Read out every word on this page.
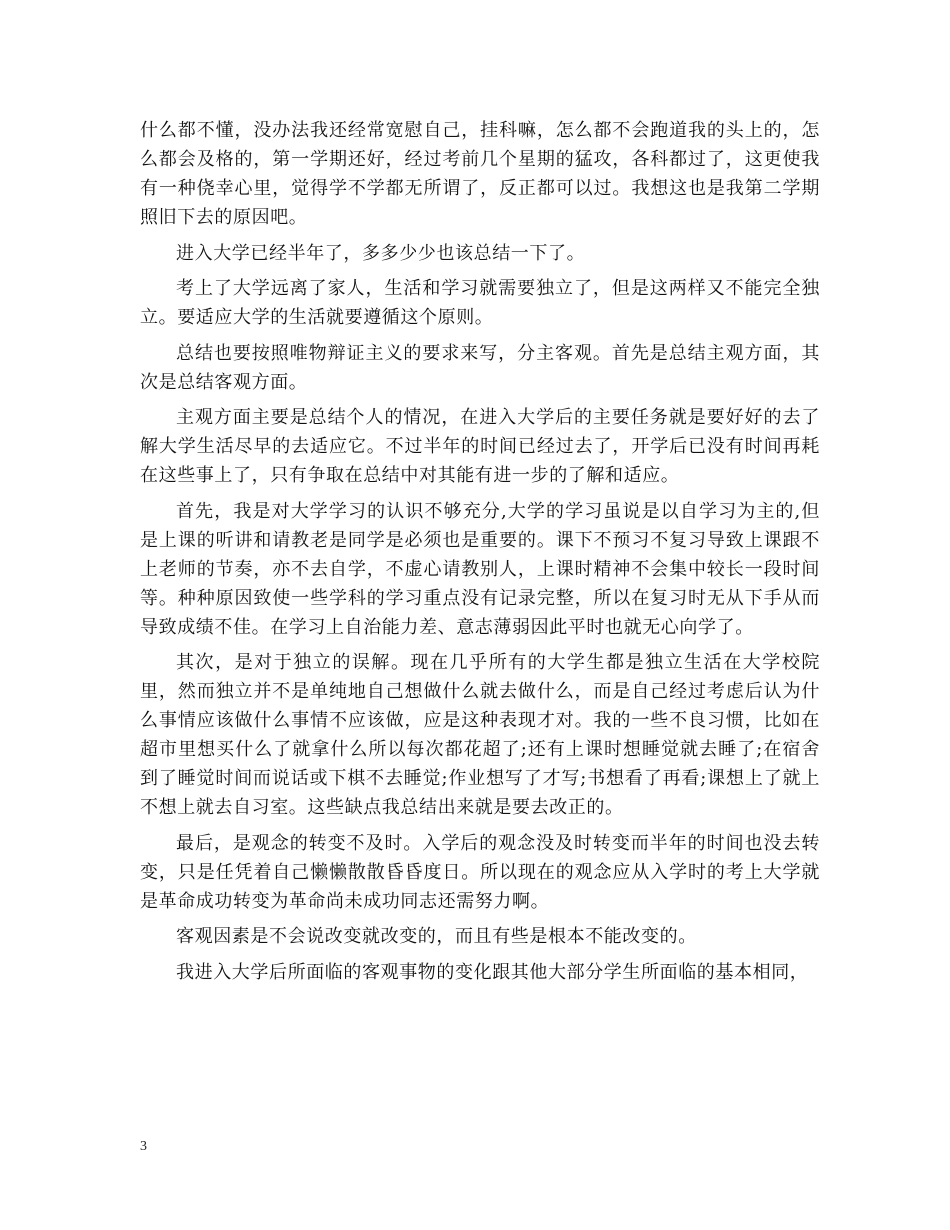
什么都不懂，没办法我还经常宽慰自己，挂科嘛，怎么都不会跑道我的头上的，怎么都会及格的，第一学期还好，经过考前几个星期的猛攻，各科都过了，这更使我有一种侥幸心里，觉得学不学都无所谓了，反正都可以过。我想这也是我第二学期照旧下去的原因吧。

进入大学已经半年了，多多少少也该总结一下了。

考上了大学远离了家人，生活和学习就需要独立了，但是这两样又不能完全独立。要适应大学的生活就要遵循这个原则。

总结也要按照唯物辩证主义的要求来写，分主客观。首先是总结主观方面，其次是总结客观方面。

主观方面主要是总结个人的情况，在进入大学后的主要任务就是要好好的去了解大学生活尽早的去适应它。不过半年的时间已经过去了，开学后已没有时间再耗在这些事上了，只有争取在总结中对其能有进一步的了解和适应。

首先，我是对大学学习的认识不够充分,大学的学习虽说是以自学习为主的,但是上课的听讲和请教老是同学是必须也是重要的。课下不预习不复习导致上课跟不上老师的节奏，亦不去自学，不虚心请教别人，上课时精神不会集中较长一段时间等。种种原因致使一些学科的学习重点没有记录完整，所以在复习时无从下手从而导致成绩不佳。在学习上自治能力差、意志薄弱因此平时也就无心向学了。

其次，是对于独立的误解。现在几乎所有的大学生都是独立生活在大学校院里，然而独立并不是单纯地自己想做什么就去做什么，而是自己经过考虑后认为什么事情应该做什么事情不应该做，应是这种表现才对。我的一些不良习惯，比如在超市里想买什么了就拿什么所以每次都花超了;还有上课时想睡觉就去睡了;在宿舍到了睡觉时间而说话或下棋不去睡觉;作业想写了才写;书想看了再看;课想上了就上不想上就去自习室。这些缺点我总结出来就是要去改正的。

最后，是观念的转变不及时。入学后的观念没及时转变而半年的时间也没去转变，只是任凭着自己懒懒散散昏昏度日。所以现在的观念应从入学时的考上大学就是革命成功转变为革命尚未成功同志还需努力啊。

客观因素是不会说改变就改变的，而且有些是根本不能改变的。

我进入大学后所面临的客观事物的变化跟其他大部分学生所面临的基本相同，

3
